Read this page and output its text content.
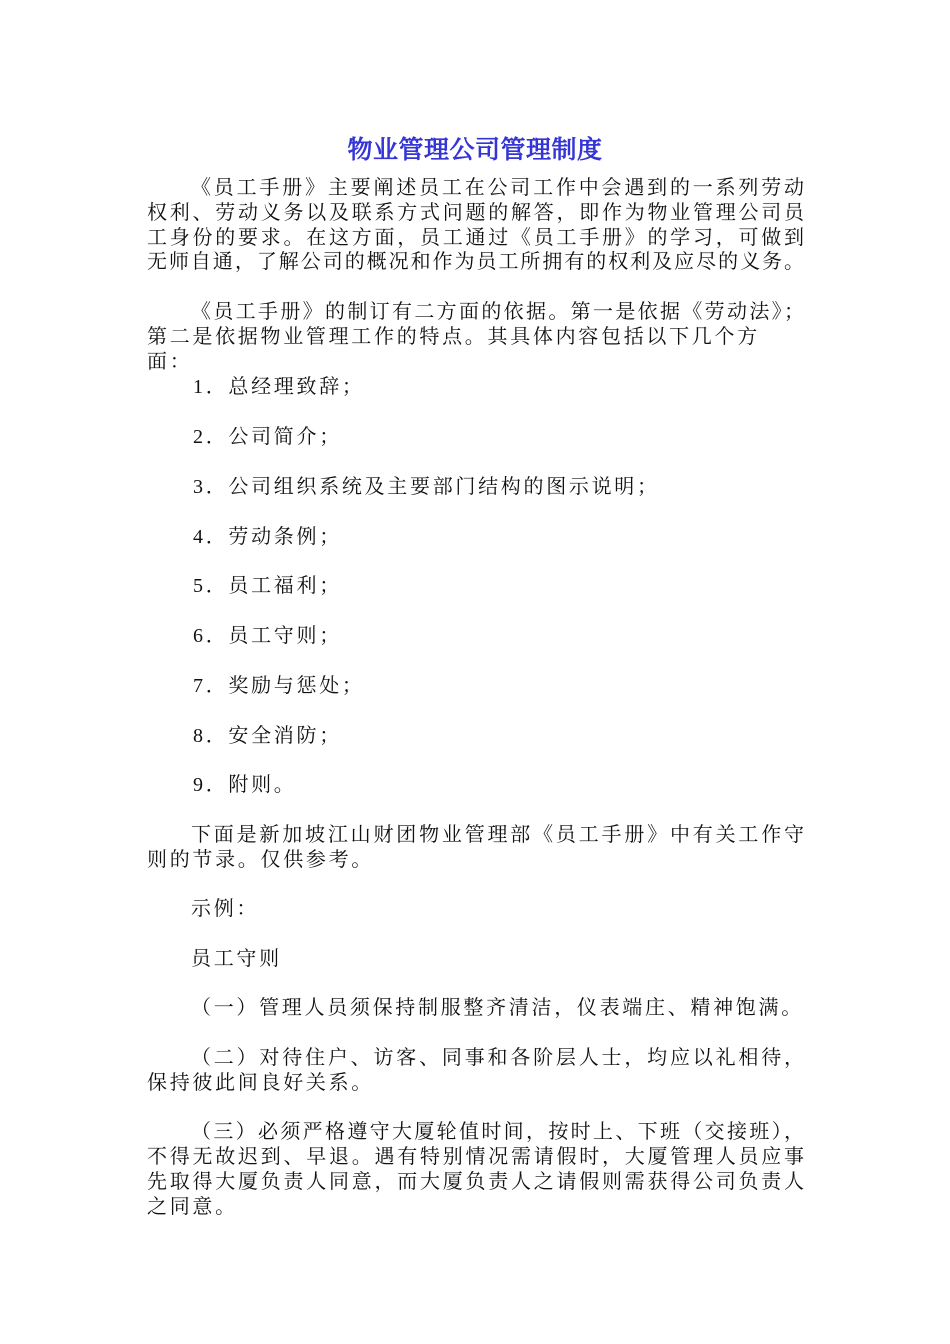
物业管理公司管理制度
《员工手册》主要阐述员工在公司工作中会遇到的一系列劳动
权利、劳动义务以及联系方式问题的解答，即作为物业管理公司员
工身份的要求。在这方面，员工通过《员工手册》的学习，可做到
无师自通，了解公司的概况和作为员工所拥有的权利及应尽的义务。
《员工手册》的制订有二方面的依据。第一是依据《劳动法》；
第二是依据物业管理工作的特点。其具体内容包括以下几个方面：
1．总经理致辞；
2．公司简介；
3．公司组织系统及主要部门结构的图示说明；
4．劳动条例；
5．员工福利；
6．员工守则；
7．奖励与惩处；
8．安全消防；
9．附则。
下面是新加坡江山财团物业管理部《员工手册》中有关工作守
则的节录。仅供参考。
示例：
员工守则
（一）管理人员须保持制服整齐清洁，仪表端庄、精神饱满。
（二）对待住户、访客、同事和各阶层人士，均应以礼相待，
保持彼此间良好关系。
（三）必须严格遵守大厦轮值时间，按时上、下班（交接班），
不得无故迟到、早退。遇有特别情况需请假时，大厦管理人员应事
先取得大厦负责人同意，而大厦负责人之请假则需获得公司负责人
之同意。
